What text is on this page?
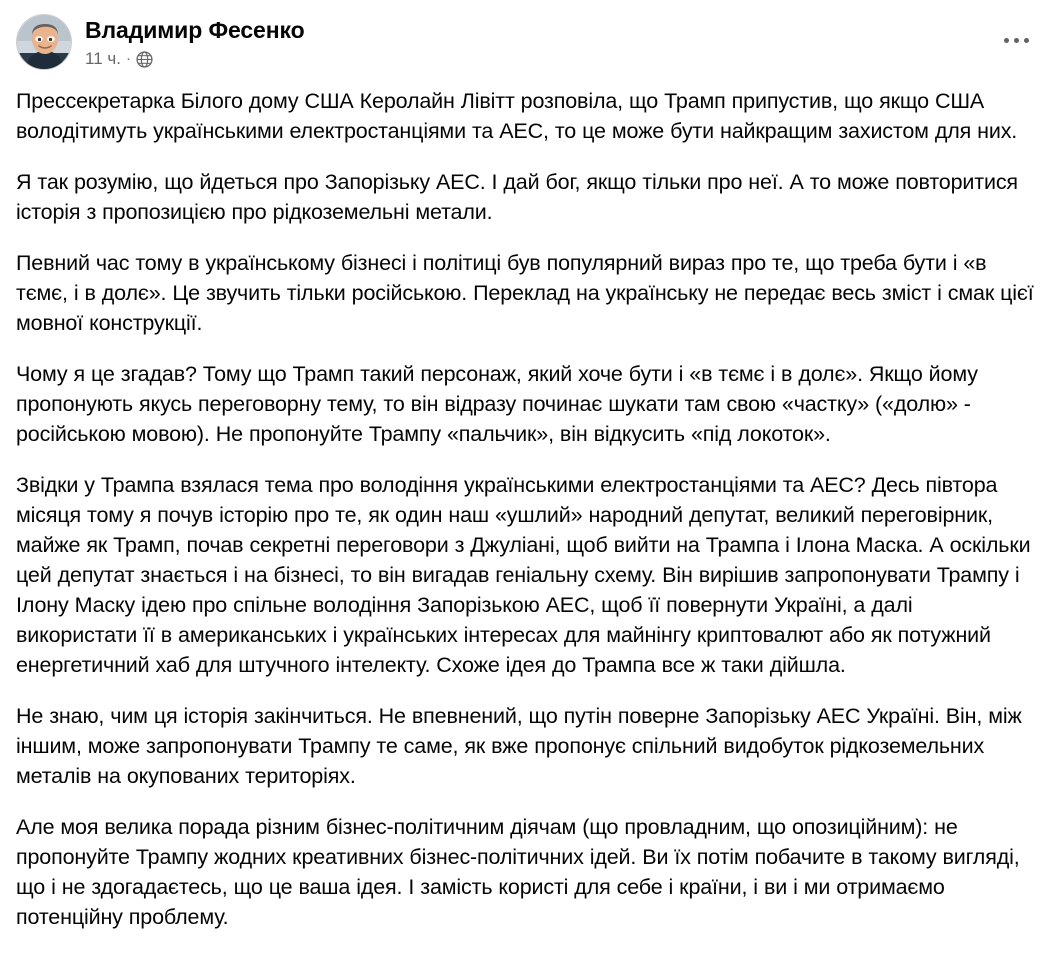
Владимир Фесенко
11 ч. ·

Прессекретарка Білого дому США Керолайн Лівітт розповіла, що Трамп припустив, що якщо США володітимуть українськими електростанціями та АЕС, то це може бути найкращим захистом для них.

Я так розумію, що йдеться про Запорізьку АЕС. І дай бог, якщо тільки про неї. А то може повторитися історія з пропозицією про рідкоземельні метали.

Певний час тому в українському бізнесі і політиці був популярний вираз про те, що треба бути і «в тємє, і в долє». Це звучить тільки російською. Переклад на українську не передає весь зміст і смак цієї мовної конструкції.

Чому я це згадав? Тому що Трамп такий персонаж, який хоче бути і «в тємє і в долє». Якщо йому пропонують якусь переговорну тему, то він відразу починає шукати там свою «частку» («долю» - російською мовою). Не пропонуйте Трампу «пальчик», він відкусить «під локоток».

Звідки у Трампа взялася тема про володіння українськими електростанціями та АЕС? Десь півтора місяця тому я почув історію про те, як один наш «ушлий» народний депутат, великий переговірник, майже як Трамп, почав секретні переговори з Джуліані, щоб вийти на Трампа і Ілона Маска. А оскільки цей депутат знається і на бізнесі, то він вигадав геніальну схему. Він вирішив запропонувати Трампу і Ілону Маску ідею про спільне володіння Запорізькою АЕС, щоб її повернути Україні, а далі використати її в американських і українських інтересах для майнінгу криптовалют або як потужний енергетичний хаб для штучного інтелекту. Схоже ідея до Трампа все ж таки дійшла.

Не знаю, чим ця історія закінчиться. Не впевнений, що путін поверне Запорізьку АЕС Україні. Він, між іншим, може запропонувати Трампу те саме, як вже пропонує спільний видобуток рідкоземельних металів на окупованих територіях.

Але моя велика порада різним бізнес-політичним діячам (що провладним, що опозиційним): не пропонуйте Трампу жодних креативних бізнес-політичних ідей. Ви їх потім побачите в такому вигляді, що і не здогадаєтесь, що це ваша ідея. І замість користі для себе і країни, і ви і ми отримаємо потенційну проблему.
